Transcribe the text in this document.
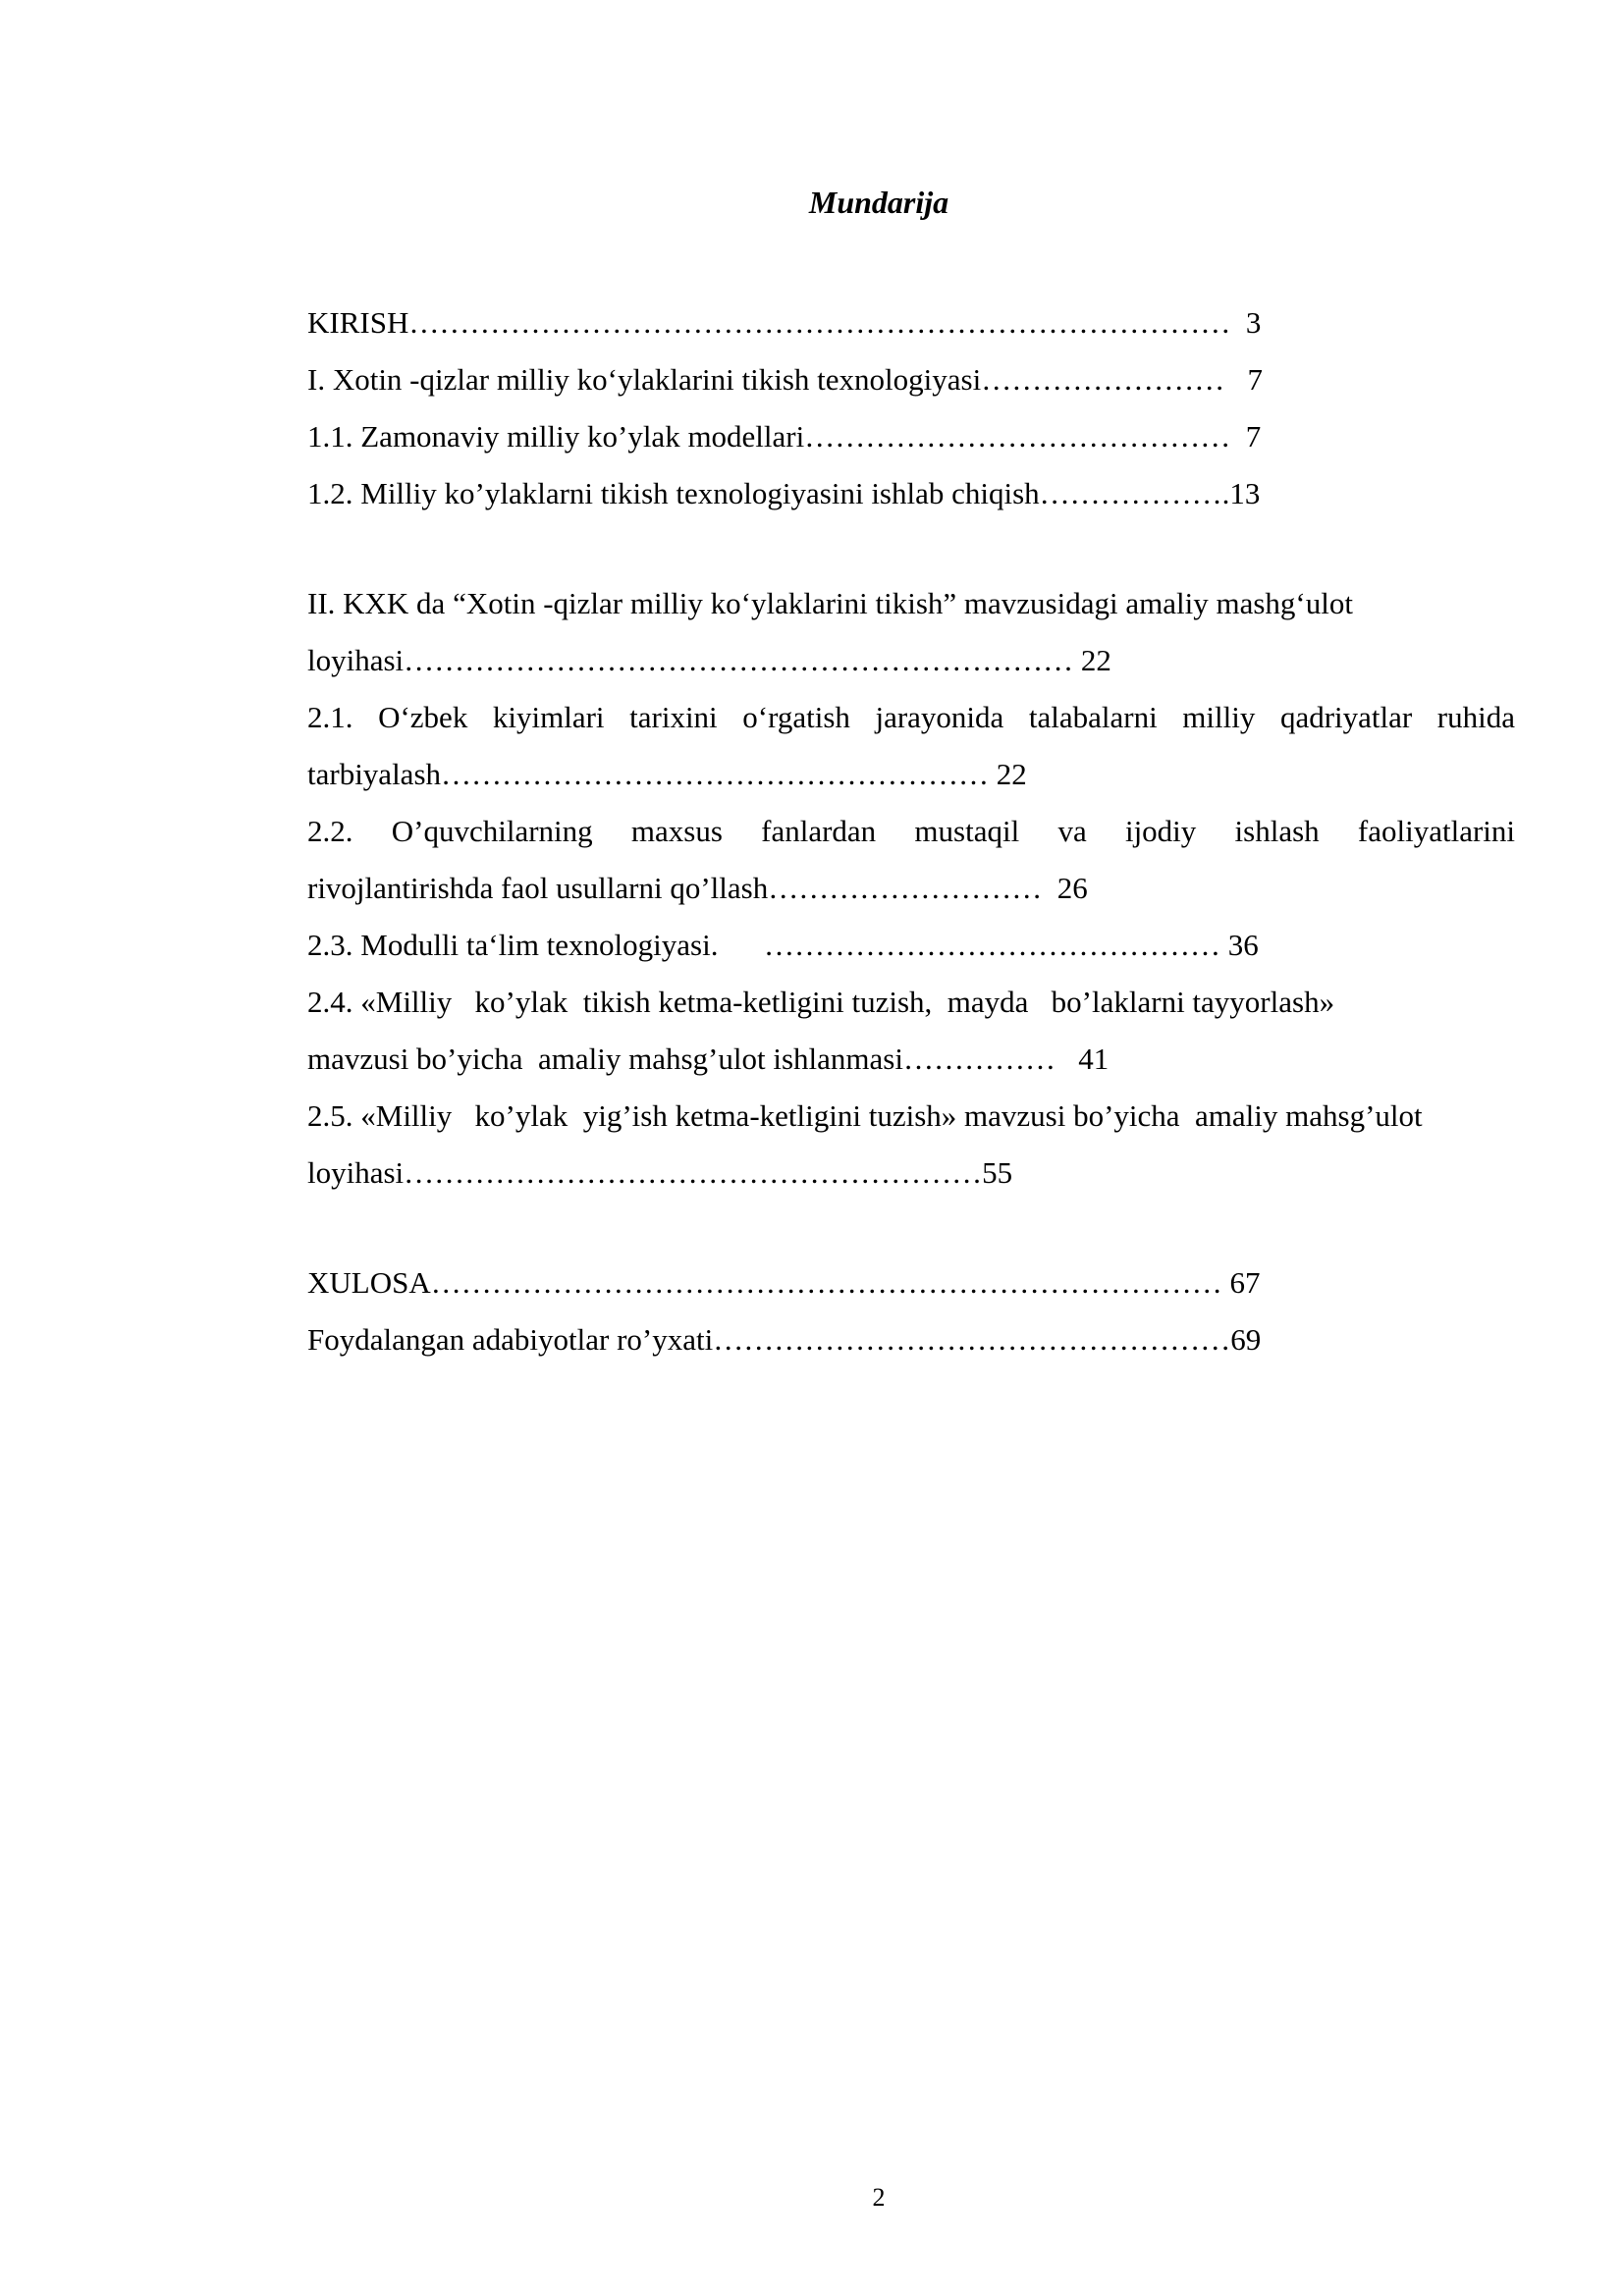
Mundarija
KIRISH………………………………………………………………………  3
I. Xotin -qizlar milliy ko‘ylaklarini tikish texnologiyasi……………………   7
1.1. Zamonaviy milliy ko’ylak modellari……………………………………  7
1.2. Milliy ko’ylaklarni tikish texnologiyasini ishlab chiqish……………….13
II. KXK da “Xotin -qizlar milliy ko‘ylaklarini tikish” mavzusidagi amaliy mashg‘ulot
loyihasi………………………………………………………… 22
2.1. O‘zbek kiyimlari tarixini o‘rgatish jarayonida talabalarni milliy qadriyatlar ruhida
tarbiyalash……………………………………………… 22
2.2. O’quvchilarning maxsus fanlardan mustaqil va ijodiy ishlash faoliyatlarini
rivojlantirishda faol usullarni qo’llash………………………  26
2.3. Modulli ta‘lim texnologiyasi.      ……………………………………… 36
2.4. «Milliy   ko’ylak  tikish ketma-ketligini tuzish,  mayda   bo’laklarni tayyorlash»
mavzusi bo’yicha  amaliy mahsg’ulot ishlanmasi……………   41
2.5. «Milliy   ko’ylak  yig’ish ketma-ketligini tuzish» mavzusi bo’yicha  amaliy mahsg’ulot
loyihasi…………………………………………………55
XULOSA…………………………………………………………………… 67
Foydalangan adabiyotlar ro’yxati……………………………………………69
2
